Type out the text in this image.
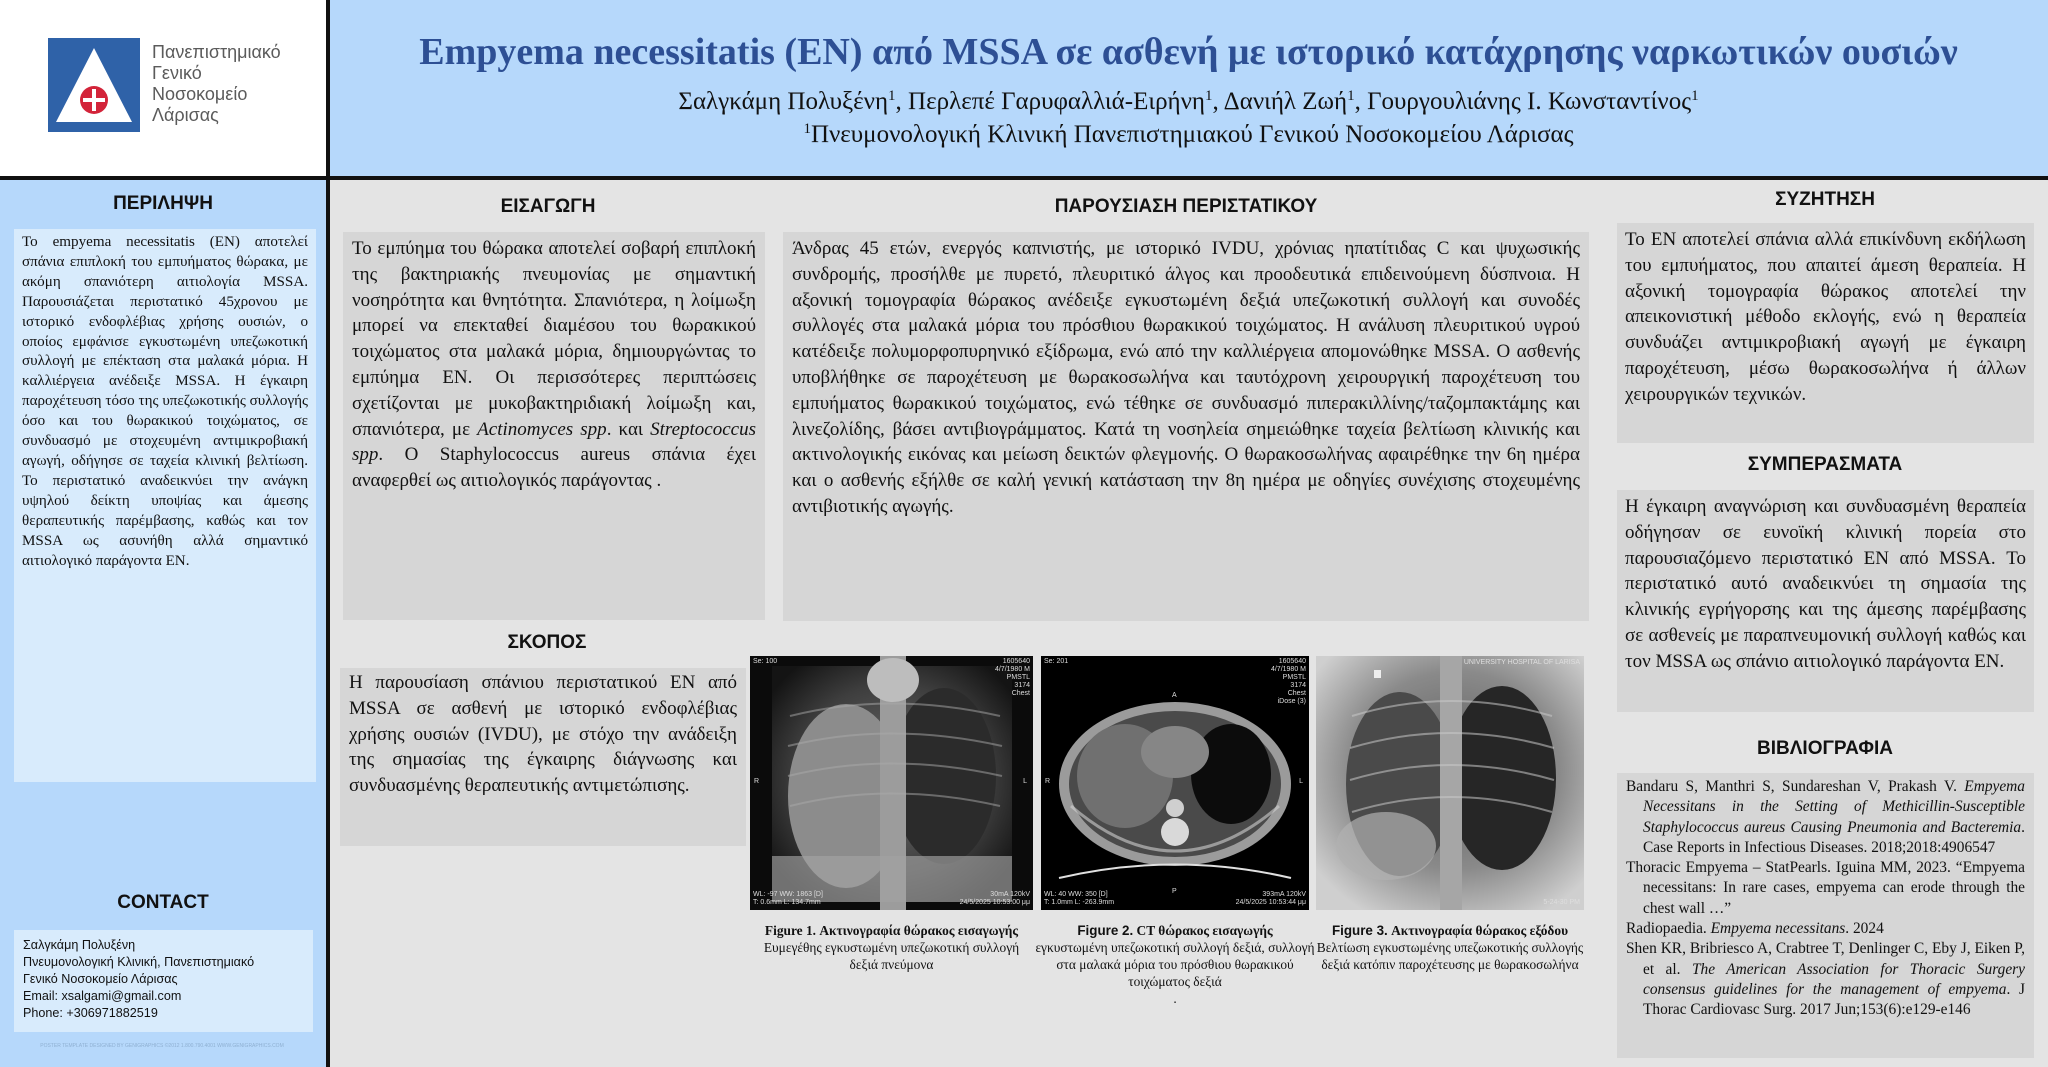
Πανεπιστημιακό
Γενικό
Νοσοκομείο
Λάρισας
Empyema necessitatis (EN) από MSSA σε ασθενή με ιστορικό κατάχρησης ναρκωτικών ουσιών
Σαλγκάμη Πολυξένη$^1$, Περλεπέ Γαρυφαλλιά-Ειρήνη$^1$, Δανιήλ Ζωή$^1$, Γουργουλιάνης Ι. Κωνσταντίνος$^1$
$^1$Πνευμονολογική Κλινική Πανεπιστημιακού Γενικού Νοσοκομείου Λάρισας
ΠΕΡΙΛΗΨΗ
Το empyema necessitatis (EN) αποτελεί σπάνια επιπλοκή του εμπυήματος θώρακα, με ακόμη σπανιότερη αιτιολογία MSSA. Παρουσιάζεται περιστατικό 45χρονου με ιστορικό ενδοφλέβιας χρήσης ουσιών, ο οποίος εμφάνισε εγκυστωμένη υπεζωκοτική συλλογή με επέκταση στα μαλακά μόρια. Η καλλιέργεια ανέδειξε MSSA. Η έγκαιρη παροχέτευση τόσο της υπεζωκοτικής συλλογής όσο και του θωρακικού τοιχώματος, σε συνδυασμό με στοχευμένη αντιμικροβιακή αγωγή, οδήγησε σε ταχεία κλινική βελτίωση. Το περιστατικό αναδεικνύει την ανάγκη υψηλού δείκτη υποψίας και άμεσης θεραπευτικής παρέμβασης, καθώς και τον MSSA ως ασυνήθη αλλά σημαντικό αιτιολογικό παράγοντα EN.
CONTACT
Σαλγκάμη Πολυξένη
Πνευμονολογική Κλινική, Πανεπιστημιακό
Γενικό Νοσοκομείο Λάρισας
Email: xsalgami@gmail.com
Phone: +306971882519
POSTER TEMPLATE DESIGNED BY GENIGRAPHICS ©2012 1.800.790.4001 WWW.GENIGRAPHICS.COM
ΕΙΣΑΓΩΓΗ
Το εμπύημα του θώρακα αποτελεί σοβαρή επιπλοκή της βακτηριακής πνευμονίας με σημαντική νοσηρότητα και θνητότητα. Σπανιότερα, η λοίμωξη μπορεί να επεκταθεί διαμέσου του θωρακικού τοιχώματος στα μαλακά μόρια, δημιουργώντας το εμπύημα EN. Οι περισσότερες περιπτώσεις σχετίζονται με μυκοβακτηριδιακή λοίμωξη και, σπανιότερα, με Actinomyces spp. και Streptococcus spp. O Staphylococcus aureus σπάνια έχει αναφερθεί ως αιτιολογικός παράγοντας .
ΠΑΡΟΥΣΙΑΣΗ ΠΕΡΙΣΤΑΤΙΚΟΥ
Άνδρας 45 ετών, ενεργός καπνιστής, με ιστορικό IVDU, χρόνιας ηπατίτιδας C και ψυχωσικής συνδρομής, προσήλθε με πυρετό, πλευριτικό άλγος και προοδευτικά επιδεινούμενη δύσπνοια. Η αξονική τομογραφία θώρακος ανέδειξε εγκυστωμένη δεξιά υπεζωκοτική συλλογή και συνοδές συλλογές στα μαλακά μόρια του πρόσθιου θωρακικού τοιχώματος. Η ανάλυση πλευριτικού υγρού κατέδειξε πολυμορφοπυρηνικό εξίδρωμα, ενώ από την καλλιέργεια απομονώθηκε MSSA. Ο ασθενής υποβλήθηκε σε παροχέτευση με θωρακοσωλήνα και ταυτόχρονη χειρουργική παροχέτευση του εμπυήματος θωρακικού τοιχώματος, ενώ τέθηκε σε συνδυασμό πιπερακιλλίνης/ταζομπακτάμης και λινεζολίδης, βάσει αντιβιογράμματος. Κατά τη νοσηλεία σημειώθηκε ταχεία βελτίωση κλινικής και ακτινολογικής εικόνας και μείωση δεικτών φλεγμονής. Ο θωρακοσωλήνας αφαιρέθηκε την 6η ημέρα και ο ασθενής εξήλθε σε καλή γενική κατάσταση την 8η ημέρα με οδηγίες συνέχισης στοχευμένης αντιβιοτικής αγωγής.
ΣΚΟΠΟΣ
Η παρουσίαση σπάνιου περιστατικού EN από MSSA σε ασθενή με ιστορικό ενδοφλέβιας χρήσης ουσιών (IVDU), με στόχο την ανάδειξη της σημασίας της έγκαιρης διάγνωσης και συνδυασμένης θεραπευτικής αντιμετώπισης.
Se: 100	1605640
4/7/1980 M
PMSTL
3174
Chest
WL: -97 WW: 1863 [D]
T: 0.6mm L: 134.7mm
30mA 120kV
24/5/2025 10:53:00 μμ
R	L
Figure 1. Ακτινογραφία θώρακος εισαγωγής
Ευμεγέθης εγκυστωμένη υπεζωκοτική συλλογή δεξιά πνεύμονα
Se: 201	1605640
4/7/1980 M
PMSTL
3174
Chest
iDose (3)
WL: 40 WW: 350 [D]
T: 1.0mm L: -263.9mm
393mA 120kV
24/5/2025 10:53:44 μμ
R	L
A
P
Figure 2. CT θώρακος εισαγωγής
εγκυστωμένη υπεζωκοτική συλλογή δεξιά, συλλογή στα μαλακά μόρια του πρόσθιου θωρακικού τοιχώματος δεξιά
.
UNIVERSITY HOSPITAL OF LARISA
5-24-30 PM
Figure 3. Ακτινογραφία θώρακος εξόδου
Βελτίωση εγκυστωμένης υπεζωκοτικής συλλογής δεξιά κατόπιν παροχέτευσης με θωρακοσωλήνα
ΣΥΖΗΤΗΣΗ
Το EN αποτελεί σπάνια αλλά επικίνδυνη εκδήλωση του εμπυήματος, που απαιτεί άμεση θεραπεία. Η αξονική τομογραφία θώρακος αποτελεί την απεικονιστική μέθοδο εκλογής, ενώ η θεραπεία συνδυάζει αντιμικροβιακή αγωγή με έγκαιρη παροχέτευση, μέσω θωρακοσωλήνα ή άλλων χειρουργικών τεχνικών.
ΣΥΜΠΕΡΑΣΜΑΤΑ
Η έγκαιρη αναγνώριση και συνδυασμένη θεραπεία οδήγησαν σε ευνοϊκή κλινική πορεία στο παρουσιαζόμενο περιστατικό EN από MSSA. Το περιστατικό αυτό αναδεικνύει τη σημασία της κλινικής εγρήγορσης και της άμεσης παρέμβασης σε ασθενείς με παραπνευμονική συλλογή καθώς και τον MSSA ως σπάνιο αιτιολογικό παράγοντα EN.
ΒΙΒΛΙΟΓΡΑΦΙΑ
Bandaru S, Manthri S, Sundareshan V, Prakash V. Empyema Necessitans in the Setting of Methicillin-Susceptible Staphylococcus aureus Causing Pneumonia and Bacteremia. Case Reports in Infectious Diseases. 2018;2018:4906547
Thoracic Empyema – StatPearls. Iguina MM, 2023. “Empyema necessitans: In rare cases, empyema can erode through the chest wall …”
Radiopaedia. Empyema necessitans. 2024
Shen KR, Bribriesco A, Crabtree T, Denlinger C, Eby J, Eiken P, et al. The American Association for Thoracic Surgery consensus guidelines for the management of empyema. J Thorac Cardiovasc Surg. 2017 Jun;153(6):e129-e146
